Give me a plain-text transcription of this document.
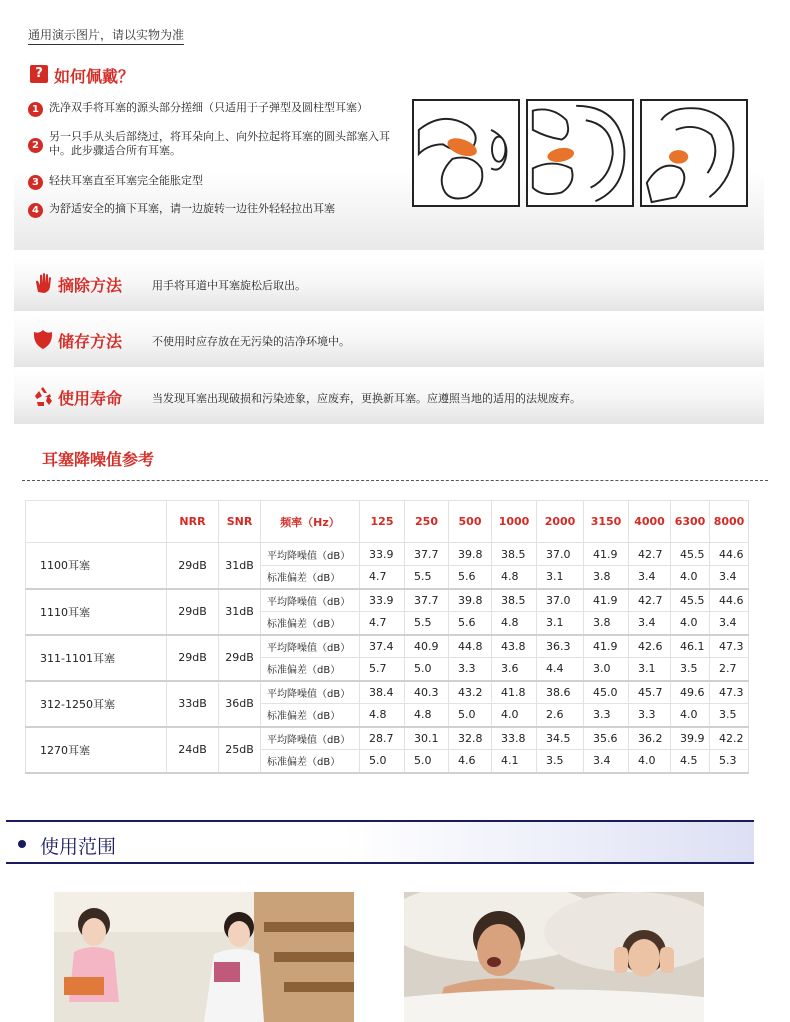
通用演示图片，请以实物为准
? 如何佩戴？
1 洗净双手将耳塞的源头部分搓细（只适用于子弹型及圆柱型耳塞）
2
另一只手从头后部绕过，将耳朵向上、向外拉起将耳塞的圆头部塞入耳中。此步骤适合所有耳塞。
3 轻扶耳塞直至耳塞完全能胀定型
4 为舒适安全的摘下耳塞，请一边旋转一边往外轻轻拉出耳塞
摘除方法	用手将耳道中耳塞旋松后取出。
储存方法	不使用时应存放在无污染的洁净环境中。
使用寿命	当发现耳塞出现破损和污染迹象，应废弃，更换新耳塞。应遵照当地的适用的法规废弃。
耳塞降噪值参考
	NRR	SNR	频率（Hz）	125	250	500	1000	2000	3150	4000	6300	8000
1100耳塞	29dB	31dB	平均降噪值（dB）	33.9	37.7	39.8	38.5	37.0	41.9	42.7	45.5	44.6
			标准偏差（dB）	4.7	5.5	5.6	4.8	3.1	3.8	3.4	4.0	3.4
1110耳塞	29dB	31dB	平均降噪值（dB）	33.9	37.7	39.8	38.5	37.0	41.9	42.7	45.5	44.6
			标准偏差（dB）	4.7	5.5	5.6	4.8	3.1	3.8	3.4	4.0	3.4
311-1101耳塞	29dB	29dB	平均降噪值（dB）	37.4	40.9	44.8	43.8	36.3	41.9	42.6	46.1	47.3
			标准偏差（dB）	5.7	5.0	3.3	3.6	4.4	3.0	3.1	3.5	2.7
312-1250耳塞	33dB	36dB	平均降噪值（dB）	38.4	40.3	43.2	41.8	38.6	45.0	45.7	49.6	47.3
			标准偏差（dB）	4.8	4.8	5.0	4.0	2.6	3.3	3.3	4.0	3.5
1270耳塞	24dB	25dB	平均降噪值（dB）	28.7	30.1	32.8	33.8	34.5	35.6	36.2	39.9	42.2
			标准偏差（dB）	5.0	5.0	4.6	4.1	3.5	3.4	4.0	4.5	5.3
使用范围
